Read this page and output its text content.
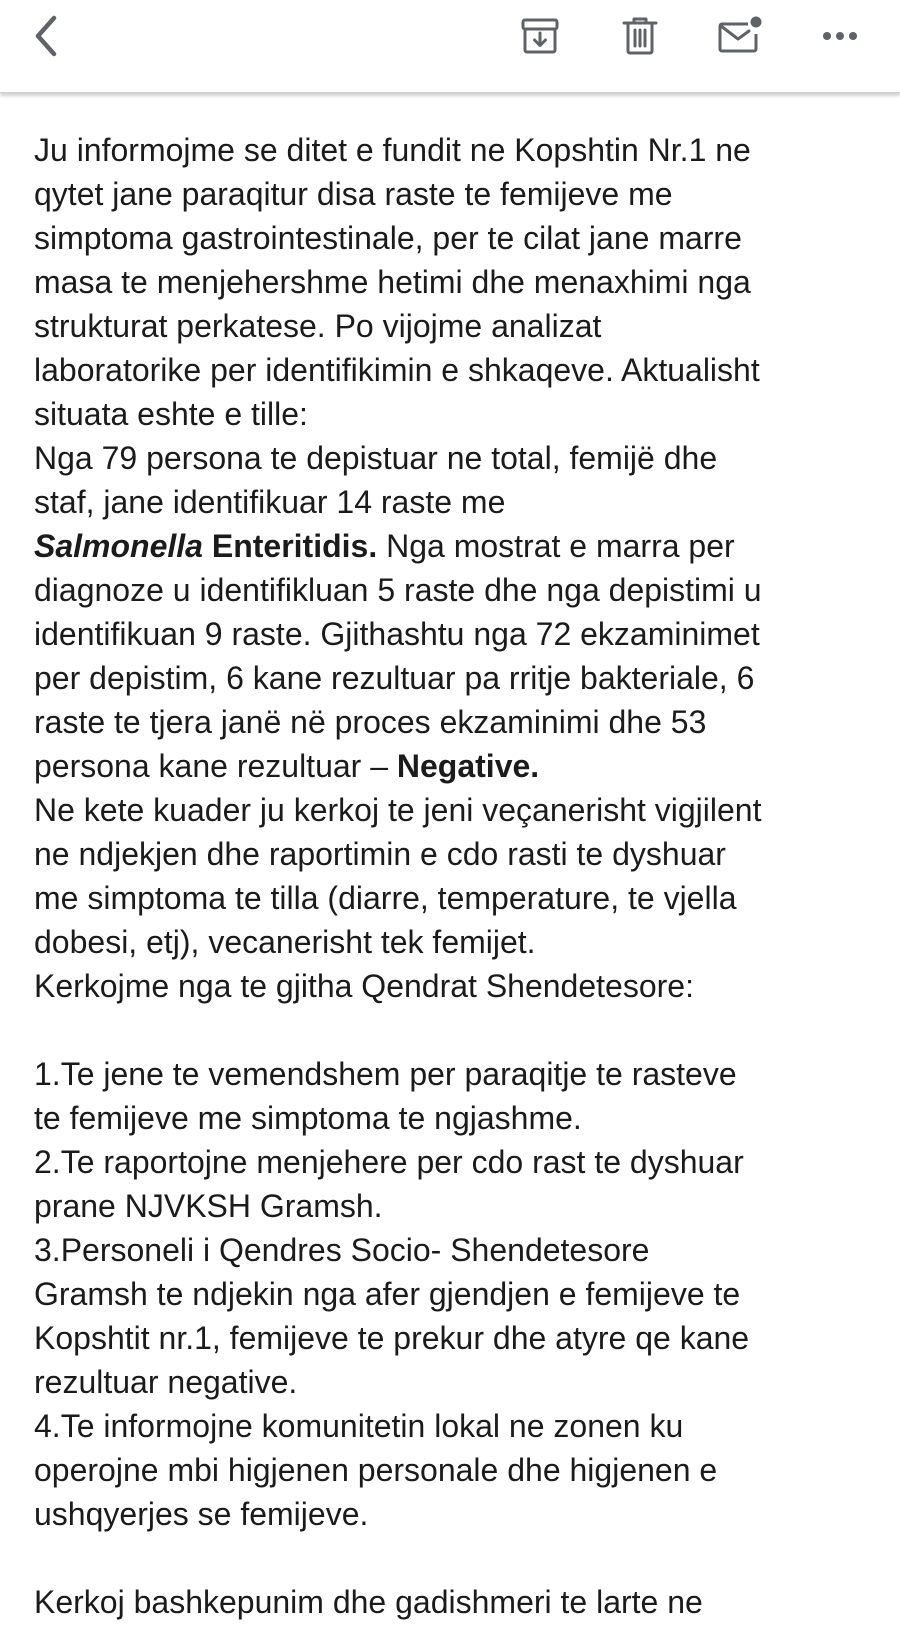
Ju informojme se ditet e fundit ne Kopshtin Nr.1 ne

qytet jane paraqitur disa raste te femijeve me

simptoma gastrointestinale, per te cilat jane marre

masa te menjehershme hetimi dhe menaxhimi nga

strukturat perkatese. Po vijojme analizat

laboratorike per identifikimin e shkaqeve. Aktualisht

situata eshte e tille:

Nga 79 persona te depistuar ne total, femijë dhe

staf, jane identifikuar 14 raste me

Salmonella Enteritidis. Nga mostrat e marra per

diagnoze u identifikluan 5 raste dhe nga depistimi u

identifikuan 9 raste. Gjithashtu nga 72 ekzaminimet

per depistim, 6 kane rezultuar pa rritje bakteriale, 6

raste te tjera janë në proces ekzaminimi dhe 53

persona kane rezultuar – Negative.

Ne kete kuader ju kerkoj te jeni veçanerisht vigjilent

ne ndjekjen dhe raportimin e cdo rasti te dyshuar

me simptoma te tilla (diarre, temperature, te vjella

dobesi, etj), vecanerisht tek femijet.

Kerkojme nga te gjitha Qendrat Shendetesore:

1.Te jene te vemendshem per paraqitje te rasteve

te femijeve me simptoma te ngjashme.

2.Te raportojne menjehere per cdo rast te dyshuar

prane NJVKSH Gramsh.

3.Personeli i Qendres Socio- Shendetesore

Gramsh te ndjekin nga afer gjendjen e femijeve te

Kopshtit nr.1, femijeve te prekur dhe atyre qe kane

rezultuar negative.

4.Te informojne komunitetin lokal ne zonen ku

operojne mbi higjenen personale dhe higjenen e

ushqyerjes se femijeve.

Kerkoj bashkepunim dhe gadishmeri te larte ne
